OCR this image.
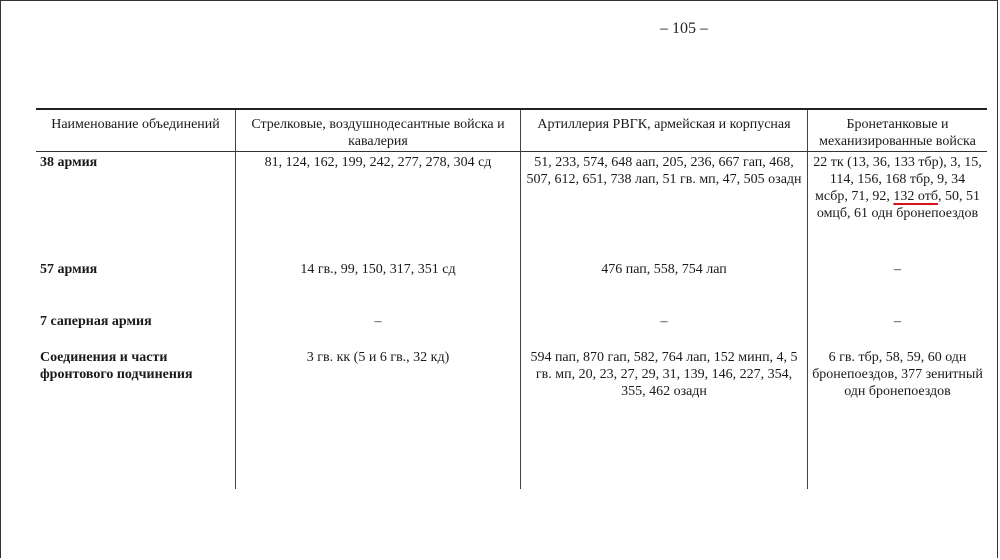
– 105 –
Наименование объединений	Стрелковые, воздушнодесантные войска и кавалерия	Артиллерия РВГК, армейская и корпусная	Бронетанковые и механизированные войска
38 армия	81, 124, 162, 199, 242, 277, 278, 304 сд	51, 233, 574, 648 аап, 205, 236, 667 гап, 468, 507, 612, 651, 738 лап, 51 гв. мп, 47, 505 озадн	22 тк (13, 36, 133 тбр), 3, 15, 114, 156, 168 тбр, 9, 34 мсбр, 71, 92, 132 отб, 50, 51 омцб, 61 одн бронепоездов
57 армия	14 гв., 99, 150, 317, 351 сд	476 пап, 558, 754 лап	–
7 саперная армия	–	–	–
Соединения и части фронтового подчинения	3 гв. кк (5 и 6 гв., 32 кд)	594 пап, 870 гап, 582, 764 лап, 152 минп, 4, 5 гв. мп, 20, 23, 27, 29, 31, 139, 146, 227, 354, 355, 462 озадн	6 гв. тбр, 58, 59, 60 одн бронепоездов, 377 зенитный одн бронепоездов
